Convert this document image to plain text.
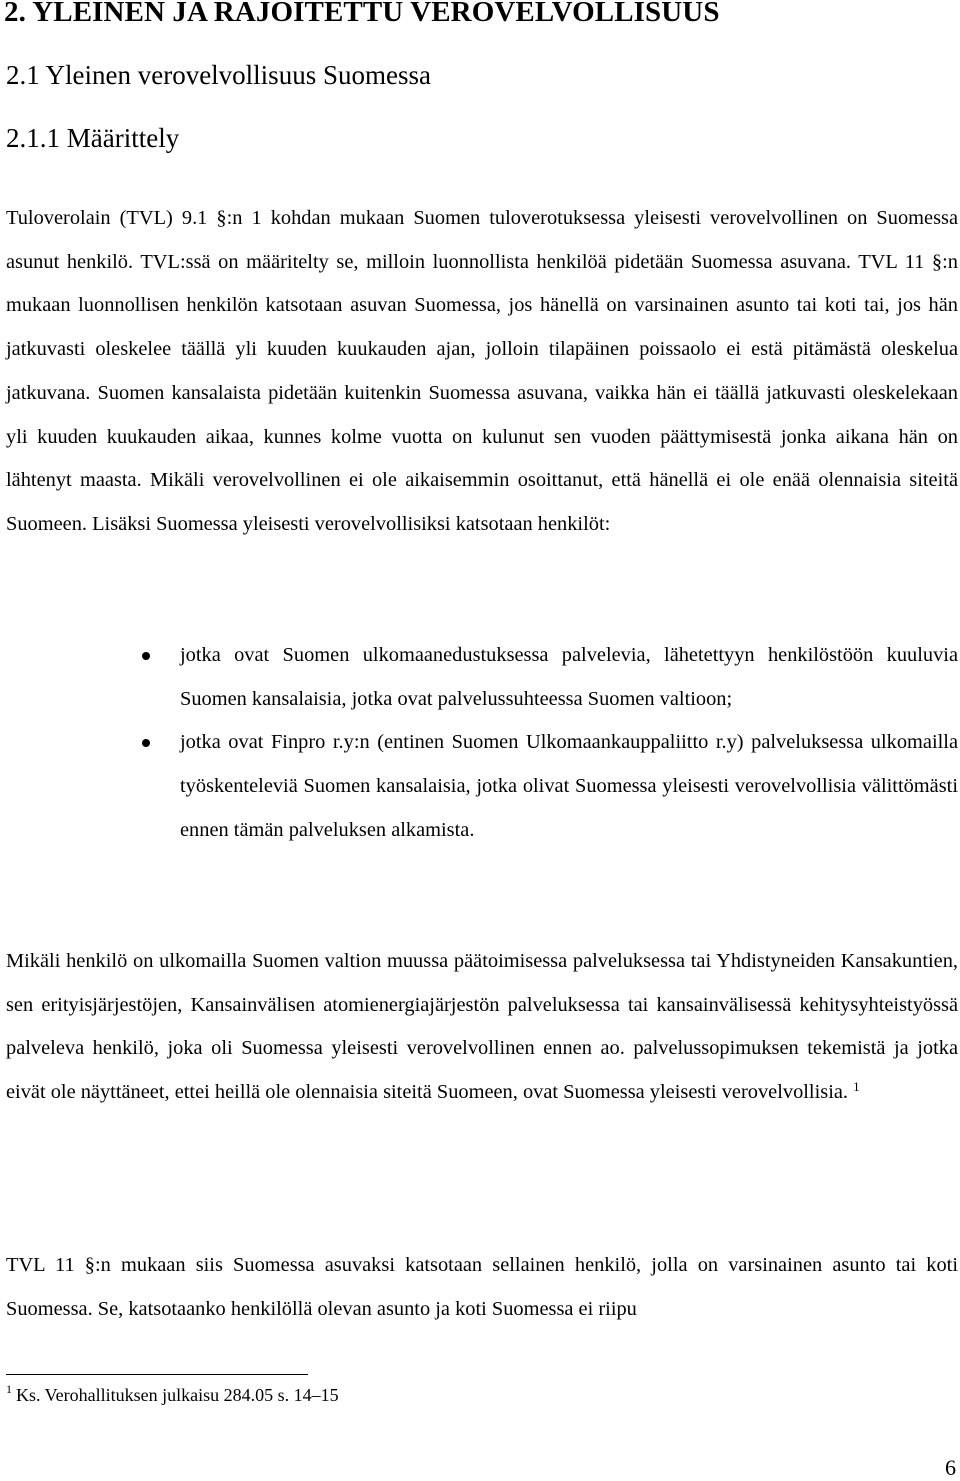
2. YLEINEN JA RAJOITETTU VEROVELVOLLISUUS
2.1 Yleinen verovelvollisuus Suomessa
2.1.1 Määrittely

Tuloverolain (TVL) 9.1 §:n 1 kohdan mukaan Suomen tuloverotuksessa yleisesti verovelvollinen on Suomessa asunut henkilö. TVL:ssä on määritelty se, milloin luonnollista henkilöä pidetään Suomessa asuvana. TVL 11 §:n mukaan luonnollisen henkilön katsotaan asuvan Suomessa, jos hänellä on varsinainen asunto tai koti tai, jos hän jatkuvasti oleskelee täällä yli kuuden kuukauden ajan, jolloin tilapäinen poissaolo ei estä pitämästä oleskelua jatkuvana. Suomen kansalaista pidetään kuitenkin Suomessa asuvana, vaikka hän ei täällä jatkuvasti oleskelekaan yli kuuden kuukauden aikaa, kunnes kolme vuotta on kulunut sen vuoden päättymisestä jonka aikana hän on lähtenyt maasta. Mikäli verovelvollinen ei ole aikaisemmin osoittanut, että hänellä ei ole enää olennaisia siteitä Suomeen. Lisäksi Suomessa yleisesti verovelvollisiksi katsotaan henkilöt:

jotka ovat Suomen ulkomaanedustuksessa palvelevia, lähetettyyn henkilöstöön kuuluvia Suomen kansalaisia, jotka ovat palvelussuhteessa Suomen valtioon;
jotka ovat Finpro r.y:n (entinen Suomen Ulkomaankauppaliitto r.y) palveluksessa ulkomailla työskenteleviä Suomen kansalaisia, jotka olivat Suomessa yleisesti verovelvollisia välittömästi ennen tämän palveluksen alkamista.

Mikäli henkilö on ulkomailla Suomen valtion muussa päätoimisessa palveluksessa tai Yhdistyneiden Kansakuntien, sen erityisjärjestöjen, Kansainvälisen atomienergiajärjestön palveluksessa tai kansainvälisessä kehitysyhteistyössä palveleva henkilö, joka oli Suomessa yleisesti verovelvollinen ennen ao. palvelussopimuksen tekemistä ja jotka eivät ole näyttäneet, ettei heillä ole olennaisia siteitä Suomeen, ovat Suomessa yleisesti verovelvollisia. $^1$

TVL 11 §:n mukaan siis Suomessa asuvaksi katsotaan sellainen henkilö, jolla on varsinainen asunto tai koti Suomessa. Se, katsotaanko henkilöllä olevan asunto ja koti Suomessa ei riipu

$^1$ Ks. Verohallituksen julkaisu 284.05 s. 14–15

6
